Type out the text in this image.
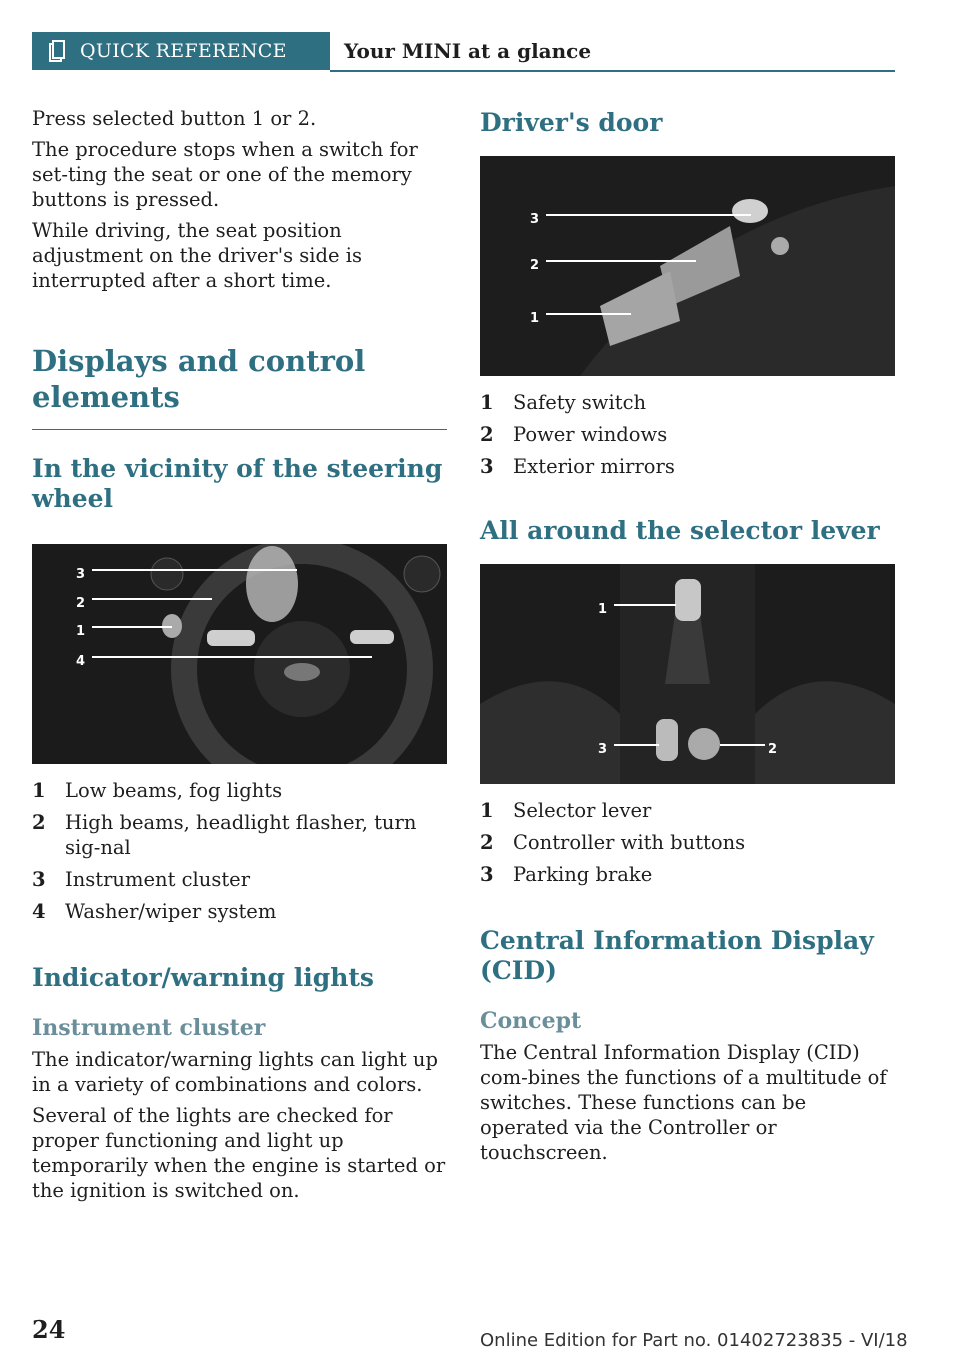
QUICK REFERENCE	Your MINI at a glance

Press selected button 1 or 2.

The procedure stops when a switch for set-ting the seat or one of the memory buttons is pressed.

While driving, the seat position adjustment on the driver's side is interrupted after a short time.

Displays and control elements
In the vicinity of the steering wheel
3
2
1
4
1 Low beams, fog lights
2 High beams, headlight flasher, turn sig-nal
3 Instrument cluster
4 Washer/wiper system
Indicator/warning lights
Instrument cluster

The indicator/warning lights can light up in a variety of combinations and colors.

Several of the lights are checked for proper functioning and light up temporarily when the engine is started or the ignition is switched on.

Driver's door
3
2
1
1 Safety switch
2 Power windows
3 Exterior mirrors
All around the selector lever
1
3	2
1 Selector lever
2 Controller with buttons
3 Parking brake
Central Information Display (CID)
Concept

The Central Information Display (CID) com-bines the functions of a multitude of switches. These functions can be operated via the Controller or touchscreen.

24	Online Edition for Part no. 01402723835 - VI/18
